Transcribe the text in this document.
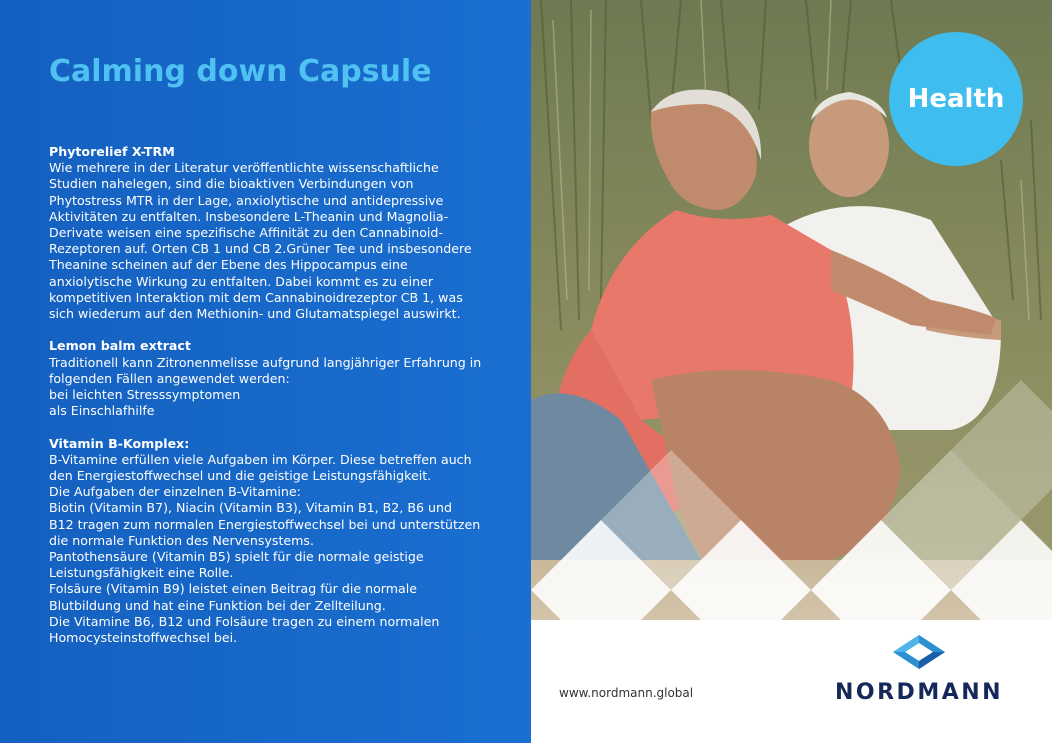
Calming down Capsule
Phytorelief X-TRM
Wie mehrere in der Literatur veröffentlichte wissenschaftliche
Studien nahelegen, sind die bioaktiven Verbindungen von
Phytostress MTR in der Lage, anxiolytische und antidepressive
Aktivitäten zu entfalten. Insbesondere L-Theanin und Magnolia-
Derivate weisen eine spezifische Affinität zu den Cannabinoid-
Rezeptoren auf. Orten CB 1 und CB 2.Grüner Tee und insbesondere
Theanine scheinen auf der Ebene des Hippocampus eine
anxiolytische Wirkung zu entfalten. Dabei kommt es zu einer
kompetitiven Interaktion mit dem Cannabinoidrezeptor CB 1, was
sich wiederum auf den Methionin- und Glutamatspiegel auswirkt.
Lemon balm extract
Traditionell kann Zitronenmelisse aufgrund langjähriger Erfahrung in
folgenden Fällen angewendet werden:
bei leichten Stresssymptomen
als Einschlafhilfe
Vitamin B-Komplex:
B-Vitamine erfüllen viele Aufgaben im Körper. Diese betreffen auch
den Energiestoffwechsel und die geistige Leistungsfähigkeit.
Die Aufgaben der einzelnen B-Vitamine:
Biotin (Vitamin B7), Niacin (Vitamin B3), Vitamin B1, B2, B6 und
B12 tragen zum normalen Energiestoffwechsel bei und unterstützen
die normale Funktion des Nervensystems.
Pantothensäure (Vitamin B5) spielt für die normale geistige
Leistungsfähigkeit eine Rolle.
Folsäure (Vitamin B9) leistet einen Beitrag für die normale
Blutbildung und hat eine Funktion bei der Zellteilung.
Die Vitamine B6, B12 und Folsäure tragen zu einem normalen
Homocysteinstoffwechsel bei.
Health
www.nordmann.global	NORDMANN
